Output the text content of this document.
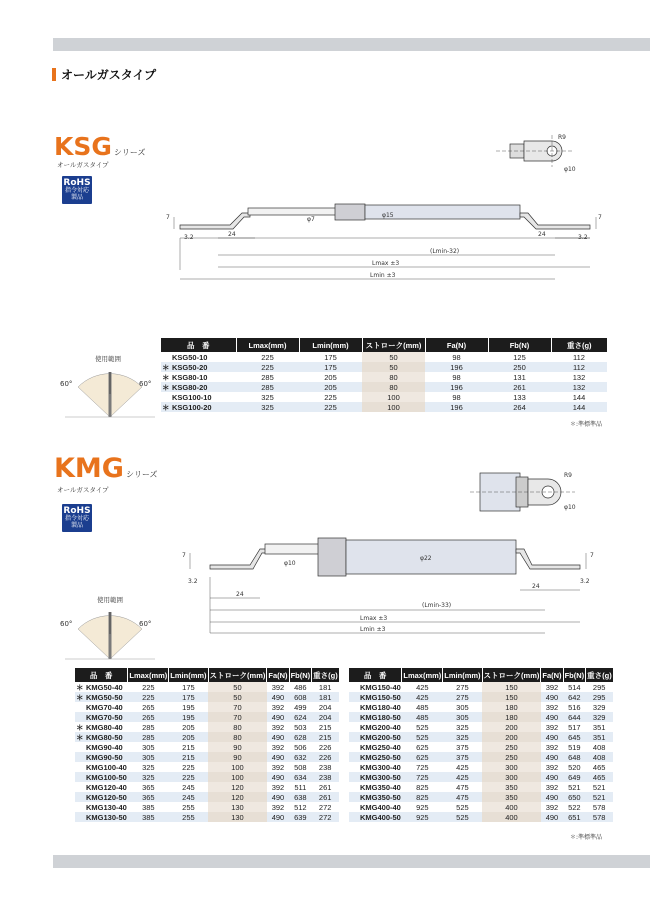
オールガスタイプ
KSG シリーズ
オールガスタイプ
RoHS
指令対応
製品
R9
φ10
φ7
φ15
24	24
7
3.2
7
3.2
(Lmin-32)
Lmax ±3
Lmin ±3
使用範囲
60°	60°
品　番	Lmax(mm)	Lmin(mm)	ストローク(mm)	Fa(N)	Fb(N)	重さ(g)

KSG50-10	225	175	50	98	125	112

＊ KSG50-20	225	175	50	196	250	112

＊ KSG80-10	285	205	80	98	131	132

＊ KSG80-20	285	205	80	196	261	132

KSG100-10	325	225	100	98	133	144

＊ KSG100-20	325	225	100	196	264	144
＊:準標準品
KMG シリーズ
オールガスタイプ
RoHS
指令対応
製品
R9
φ10
φ10
φ22
24
24
7
3.2
7
3.2
(Lmin-33)
Lmax ±3
Lmin ±3
使用範囲
60°	60°
品　番	Lmax(mm)	Lmin(mm)	ストローク(mm)	Fa(N)	Fb(N)	重さ(g)

＊ KMG50-40	225	175	50	392	486	181

＊ KMG50-50	225	175	50	490	608	181

KMG70-40	265	195	70	392	499	204

KMG70-50	265	195	70	490	624	204

＊ KMG80-40	285	205	80	392	503	215

＊ KMG80-50	285	205	80	490	628	215

KMG90-40	305	215	90	392	506	226

KMG90-50	305	215	90	490	632	226

KMG100-40	325	225	100	392	508	238

KMG100-50	325	225	100	490	634	238

KMG120-40	365	245	120	392	511	261

KMG120-50	365	245	120	490	638	261

KMG130-40	385	255	130	392	512	272

KMG130-50	385	255	130	490	639	272
品　番	Lmax(mm)	Lmin(mm)	ストローク(mm)	Fa(N)	Fb(N)	重さ(g)

KMG150-40	425	275	150	392	514	295

KMG150-50	425	275	150	490	642	295

KMG180-40	485	305	180	392	516	329

KMG180-50	485	305	180	490	644	329

KMG200-40	525	325	200	392	517	351

KMG200-50	525	325	200	490	645	351

KMG250-40	625	375	250	392	519	408

KMG250-50	625	375	250	490	648	408

KMG300-40	725	425	300	392	520	465

KMG300-50	725	425	300	490	649	465

KMG350-40	825	475	350	392	521	521

KMG350-50	825	475	350	490	650	521

KMG400-40	925	525	400	392	522	578

KMG400-50	925	525	400	490	651	578
＊:準標準品
